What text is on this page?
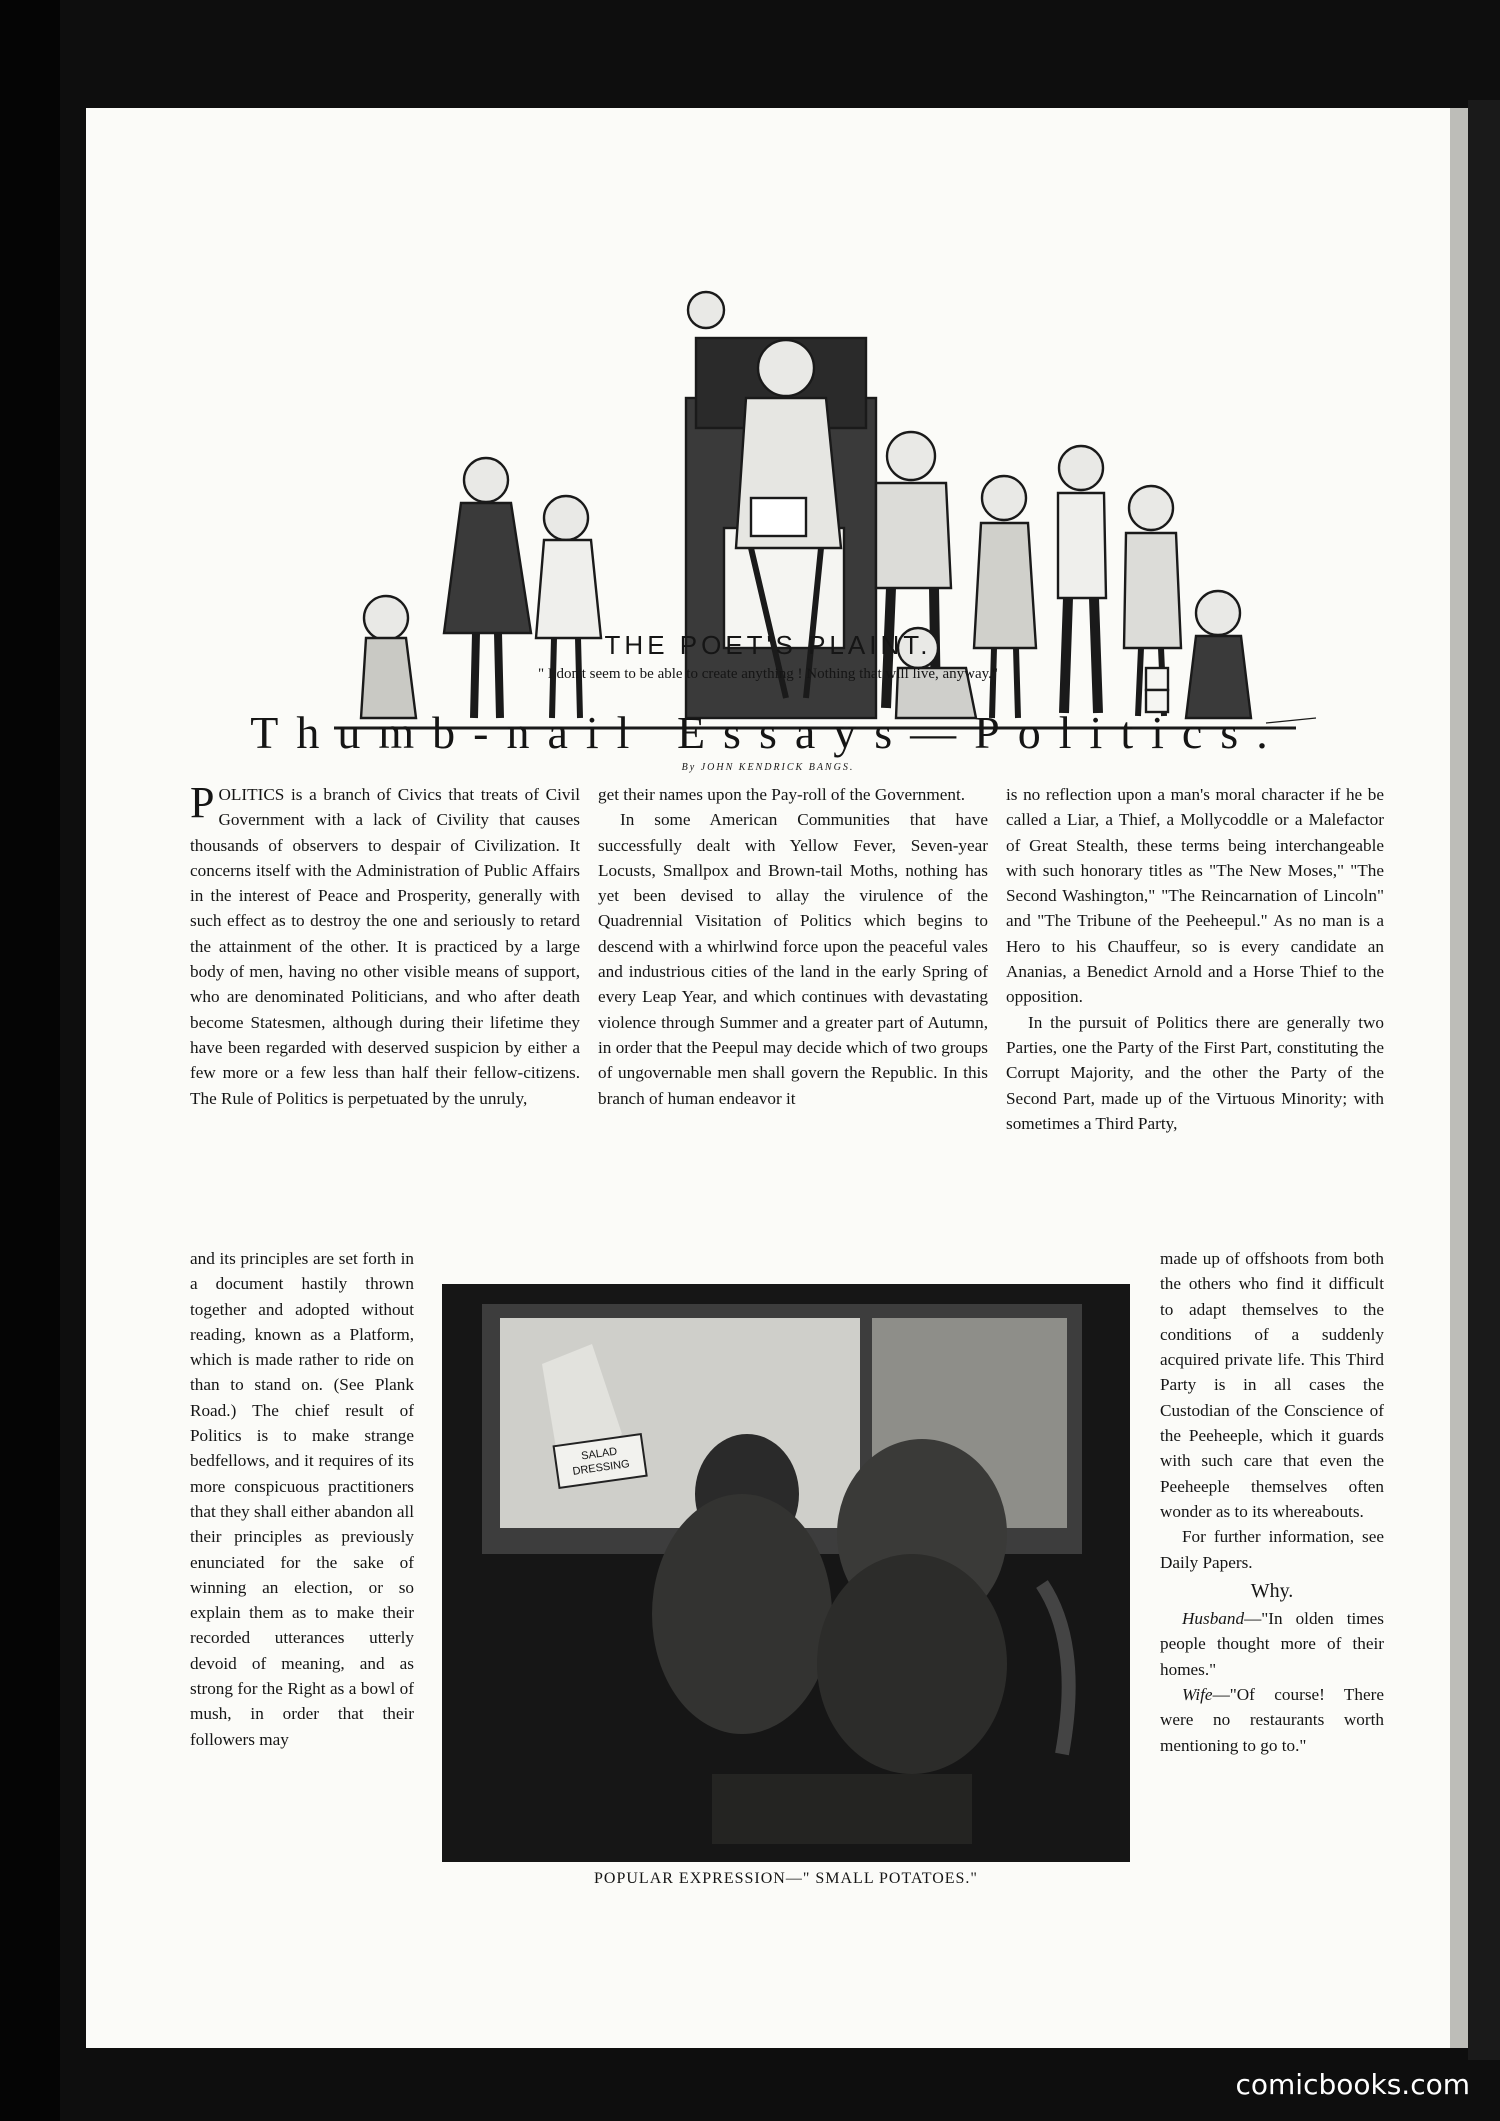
THE POET'S PLAINT.
" I don't seem to be able to create anything ! Nothing that will live, anyway."
Thumb-nail Essays—Politics.
By JOHN KENDRICK BANGS.

P OLITICS is a branch of Civics that treats of Civil Government with a lack of Civility that causes thousands of observers to despair of Civilization. It concerns itself with the Administration of Public Affairs in the interest of Peace and Prosperity, generally with such effect as to destroy the one and seriously to retard the attainment of the other. It is practiced by a large body of men, having no other visible means of support, who are denominated Politicians, and who after death become Statesmen, although during their lifetime they have been regarded with deserved suspicion by either a few more or a few less than half their fellow-citizens. The Rule of Politics is perpetuated by the unruly,

and its principles are set forth in a document hastily thrown together and adopted without reading, known as a Platform, which is made rather to ride on than to stand on. (See Plank Road.) The chief result of Politics is to make strange bedfellows, and it requires of its more conspicuous practitioners that they shall either abandon all their principles as previously enunciated for the sake of winning an election, or so explain them as to make their recorded utterances utterly devoid of meaning, and as strong for the Right as a bowl of mush, in order that their followers may

get their names upon the Pay-roll of the Government.

In some American Communities that have successfully dealt with Yellow Fever, Seven-year Locusts, Smallpox and Brown-tail Moths, nothing has yet been devised to allay the virulence of the Quadrennial Visitation of Politics which begins to descend with a whirlwind force upon the peaceful vales and industrious cities of the land in the early Spring of every Leap Year, and which continues with devastating violence through Summer and a greater part of Autumn, in order that the Peepul may decide which of two groups of ungovernable men shall govern the Republic. In this branch of human endeavor it

is no reflection upon a man's moral character if he be called a Liar, a Thief, a Mollycoddle or a Malefactor of Great Stealth, these terms being interchangeable with such honorary titles as "The New Moses," "The Second Washington," "The Reincarnation of Lincoln" and "The Tribune of the Peeheepul." As no man is a Hero to his Chauffeur, so is every candidate an Ananias, a Benedict Arnold and a Horse Thief to the opposition.

In the pursuit of Politics there are generally two Parties, one the Party of the First Part, constituting the Corrupt Majority, and the other the Party of the Second Part, made up of the Virtuous Minority; with sometimes a Third Party,

made up of offshoots from both the others who find it difficult to adapt themselves to the conditions of a suddenly acquired private life. This Third Party is in all cases the Custodian of the Conscience of the Peeheeple, which it guards with such care that even the Peeheeple themselves often wonder as to its whereabouts.

For further information, see Daily Papers.

Why.

Husband—"In olden times people thought more of their homes."

Wife—"Of course! There were no restaurants worth mentioning to go to."

SALADDRESSING
POPULAR EXPRESSION—" SMALL POTATOES."
comicbooks.com
